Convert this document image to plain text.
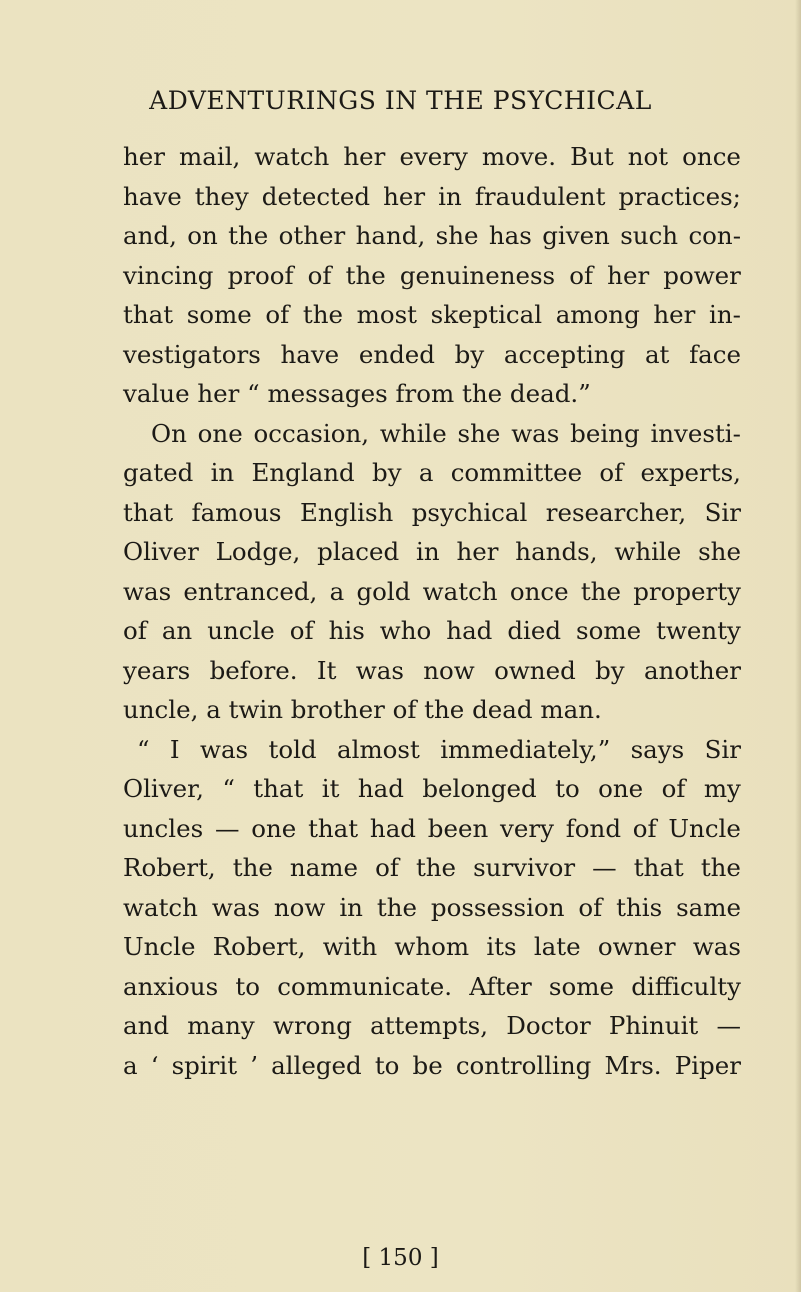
ADVENTURINGS IN THE PSYCHICAL
her mail, watch her every move. But not once
have they detected her in fraudulent practices;
and, on the other hand, she has given such con-
vincing proof of the genuineness of her power
that some of the most skeptical among her in-
vestigators have ended by accepting at face
value her “ messages from the dead.”
On one occasion, while she was being investi-
gated in England by a committee of experts,
that famous English psychical researcher, Sir
Oliver Lodge, placed in her hands, while she
was entranced, a gold watch once the property
of an uncle of his who had died some twenty
years before. It was now owned by another
uncle, a twin brother of the dead man.
“ I was told almost immediately,” says Sir
Oliver, “ that it had belonged to one of my
uncles — one that had been very fond of Uncle
Robert, the name of the survivor — that the
watch was now in the possession of this same
Uncle Robert, with whom its late owner was
anxious to communicate. After some difficulty
and many wrong attempts, Doctor Phinuit —
a ‘ spirit ’ alleged to be controlling Mrs. Piper
[ 150 ]
